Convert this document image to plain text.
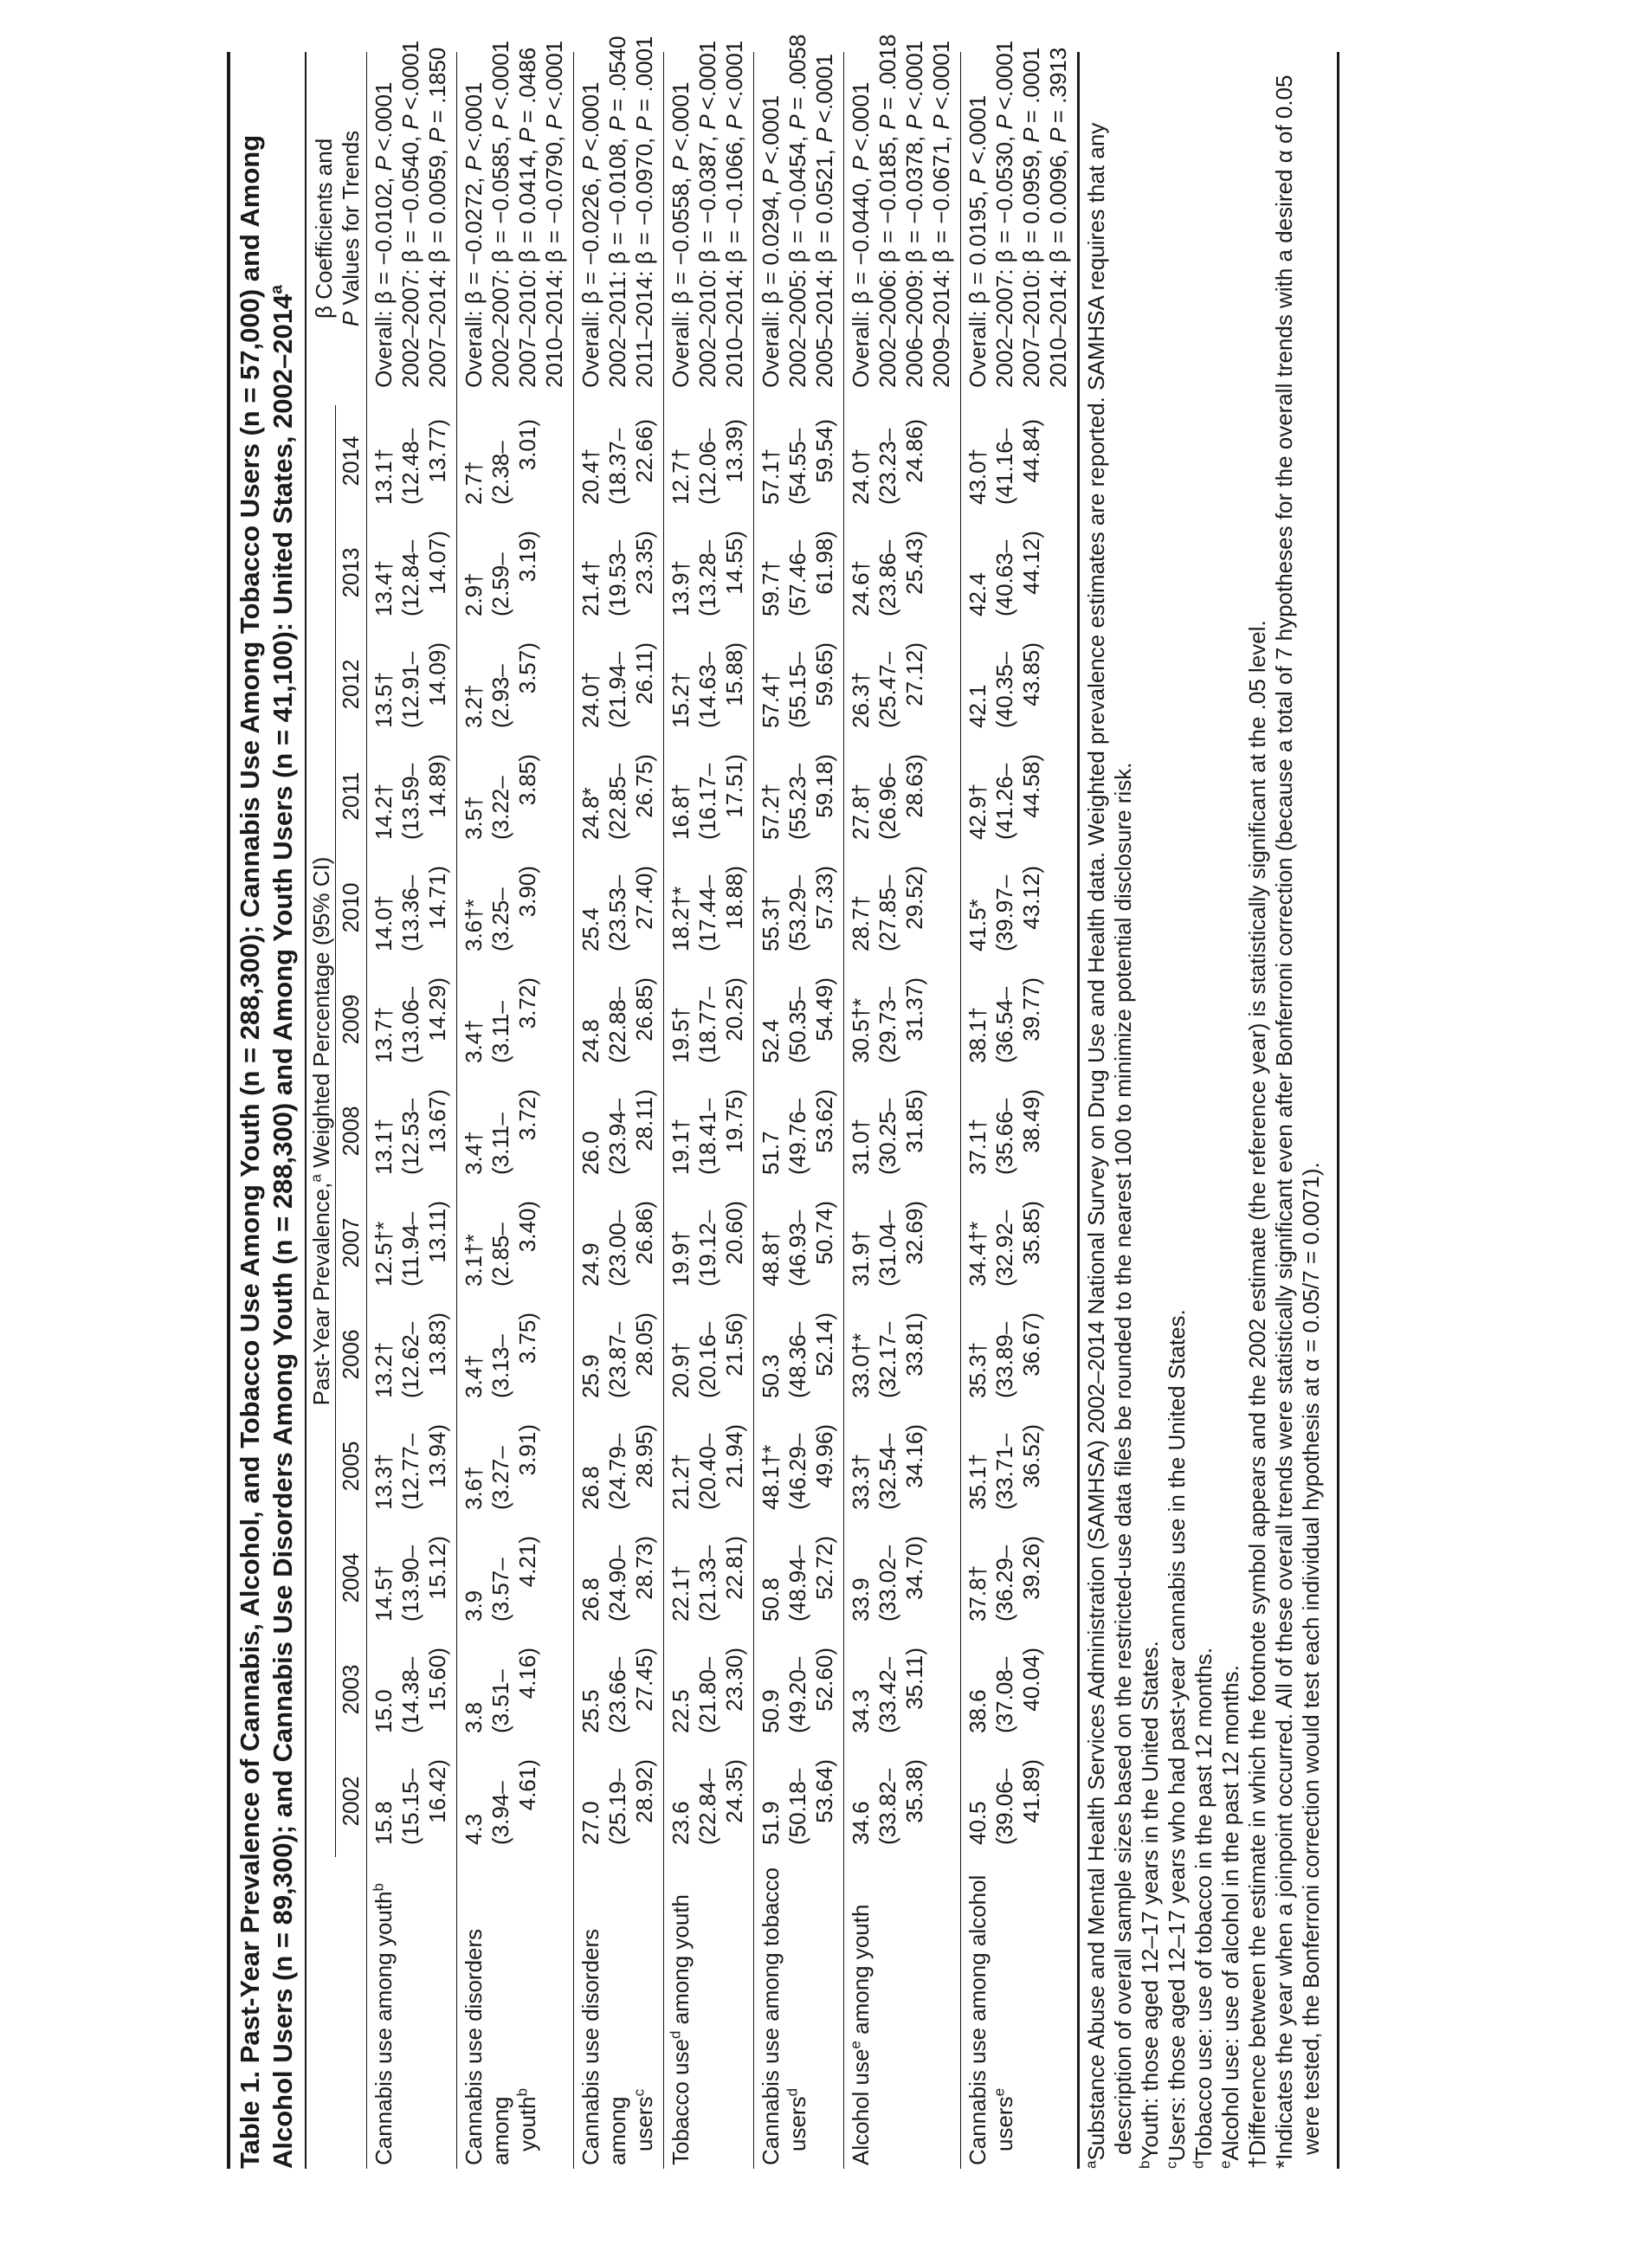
Table 1. Past-Year Prevalence of Cannabis, Alcohol, and Tobacco Use Among Youth (n = 288,300); Cannabis Use Among Tobacco Users (n = 57,000) and Among Alcohol Users (n = 89,300); and Cannabis Use Disorders Among Youth (n = 288,300) and Among Youth Users (n = 41,100): United States, 2002–2014$^a$
	Past-Year Prevalence,$^a$ Weighted Percentage (95% CI)													β Coefficients and
P Values for Trends
	2002	2003	2004	2005	2006	2007	2008	2009	2010	2011	2012	2013	2014	
Cannabis use among youth$^b$	15.8
(15.15– 16.42)	15.0
(14.38– 15.60)	14.5†
(13.90– 15.12)	13.3†
(12.77– 13.94)	13.2†
(12.62– 13.83)	12.5†*
(11.94– 13.11)	13.1†
(12.53– 13.67)	13.7†
(13.06– 14.29)	14.0†
(13.36– 14.71)	14.2†
(13.59– 14.89)	13.5†
(12.91– 14.09)	13.4†
(12.84– 14.07)	13.1†
(12.48– 13.77)	Overall: β = −0.0102, P <.0001
2002–2007: β = −0.0540, P <.0001
2007–2014: β = 0.0059, P = .1850

Cannabis use disorders among youth$^b$	4.3
(3.94– 4.61)	3.8
(3.51– 4.16)	3.9
(3.57– 4.21)	3.6†
(3.27– 3.91)	3.4†
(3.13– 3.75)	3.1†*
(2.85– 3.40)	3.4†
(3.11– 3.72)	3.4†
(3.11– 3.72)	3.6†*
(3.25– 3.90)	3.5†
(3.22– 3.85)	3.2†
(2.93– 3.57)	2.9†
(2.59– 3.19)	2.7†
(2.38– 3.01)	Overall: β = −0.0272, P <.0001
2002–2007: β = −0.0585, P <.0001
2007–2010: β = 0.0414, P = .0486
2010–2014: β = −0.0790, P <.0001

Cannabis use disorders among users$^c$	27.0
(25.19– 28.92)	25.5
(23.66– 27.45)	26.8
(24.90– 28.73)	26.8
(24.79– 28.95)	25.9
(23.87– 28.05)	24.9
(23.00– 26.86)	26.0
(23.94– 28.11)	24.8
(22.88– 26.85)	25.4
(23.53– 27.40)	24.8*
(22.85– 26.75)	24.0†
(21.94– 26.11)	21.4†
(19.53– 23.35)	20.4†
(18.37– 22.66)	Overall: β = −0.0226, P <.0001
2002–2011: β = −0.0108, P = .0540
2011–2014: β = −0.0970, P = .0001

Tobacco use$^d$ among youth	23.6
(22.84– 24.35)	22.5
(21.80– 23.30)	22.1†
(21.33– 22.81)	21.2†
(20.40– 21.94)	20.9†
(20.16– 21.56)	19.9†
(19.12– 20.60)	19.1†
(18.41– 19.75)	19.5†
(18.77– 20.25)	18.2†*
(17.44– 18.88)	16.8†
(16.17– 17.51)	15.2†
(14.63– 15.88)	13.9†
(13.28– 14.55)	12.7†
(12.06– 13.39)	Overall: β = −0.0558, P <.0001
2002–2010: β = −0.0387, P <.0001
2010–2014: β = −0.1066, P <.0001

Cannabis use among tobacco users$^d$	51.9
(50.18– 53.64)	50.9
(49.20– 52.60)	50.8
(48.94– 52.72)	48.1†*
(46.29– 49.96)	50.3
(48.36– 52.14)	48.8†
(46.93– 50.74)	51.7
(49.76– 53.62)	52.4
(50.35– 54.49)	55.3†
(53.29– 57.33)	57.2†
(55.23– 59.18)	57.4†
(55.15– 59.65)	59.7†
(57.46– 61.98)	57.1†
(54.55– 59.54)	Overall: β = 0.0294, P <.0001 2002–2005: β = −0.0454, P = .0058
2005–2014: β = 0.0521, P <.0001

Alcohol use$^e$ among youth	34.6
(33.82– 35.38)	34.3
(33.42– 35.11)	33.9
(33.02– 34.70)	33.3†
(32.54– 34.16)	33.0†*
(32.17– 33.81)	31.9†
(31.04– 32.69)	31.0†
(30.25– 31.85)	30.5†*
(29.73– 31.37)	28.7†
(27.85– 29.52)	27.8†
(26.96– 28.63)	26.3†
(25.47– 27.12)	24.6†
(23.86– 25.43)	24.0†
(23.23– 24.86)	Overall: β = −0.0440, P <.0001
2002–2006: β = −0.0185, P = .0018
2006–2009: β = −0.0378, P <.0001
2009–2014: β = −0.0671, P <.0001

Cannabis use among alcohol users$^e$	40.5
(39.06– 41.89)	38.6
(37.08– 40.04)	37.8†
(36.29– 39.26)	35.1†
(33.71– 36.52)	35.3†
(33.89– 36.67)	34.4†*
(32.92– 35.85)	37.1†
(35.66– 38.49)	38.1†
(36.54– 39.77)	41.5*
(39.97– 43.12)	42.9†
(41.26– 44.58)	42.1
(40.35– 43.85)	42.4
(40.63– 44.12)	43.0†
(41.16– 44.84)	Overall: β = 0.0195, P <.0001 2002–2007: β = −0.0530, P <.0001
2007–2010: β = 0.0959, P = .0001
2010–2014: β = 0.0096, P = .3913
$^a$Substance Abuse and Mental Health Services Administration (SAMHSA) 2002–2014 National Survey on Drug Use and Health data. Weighted prevalence estimates are reported. SAMHSA requires that any description of overall sample sizes based on the restricted-use data files be rounded to the nearest 100 to minimize potential disclosure risk.
$^b$Youth: those aged 12–17 years in the United States.
$^c$Users: those aged 12–17 years who had past-year cannabis use in the United States.
$^d$Tobacco use: use of tobacco in the past 12 months.
$^e$Alcohol use: use of alcohol in the past 12 months.
†Difference between the estimate in which the footnote symbol appears and the 2002 estimate (the reference year) is statistically significant at the .05 level.
*Indicates the year when a joinpoint occurred. All of these overall trends were statistically significant even after Bonferroni correction (because a total of 7 hypotheses for the overall trends with a desired α of 0.05 were tested, the Bonferroni correction would test each individual hypothesis at α = 0.05/7 = 0.0071).
